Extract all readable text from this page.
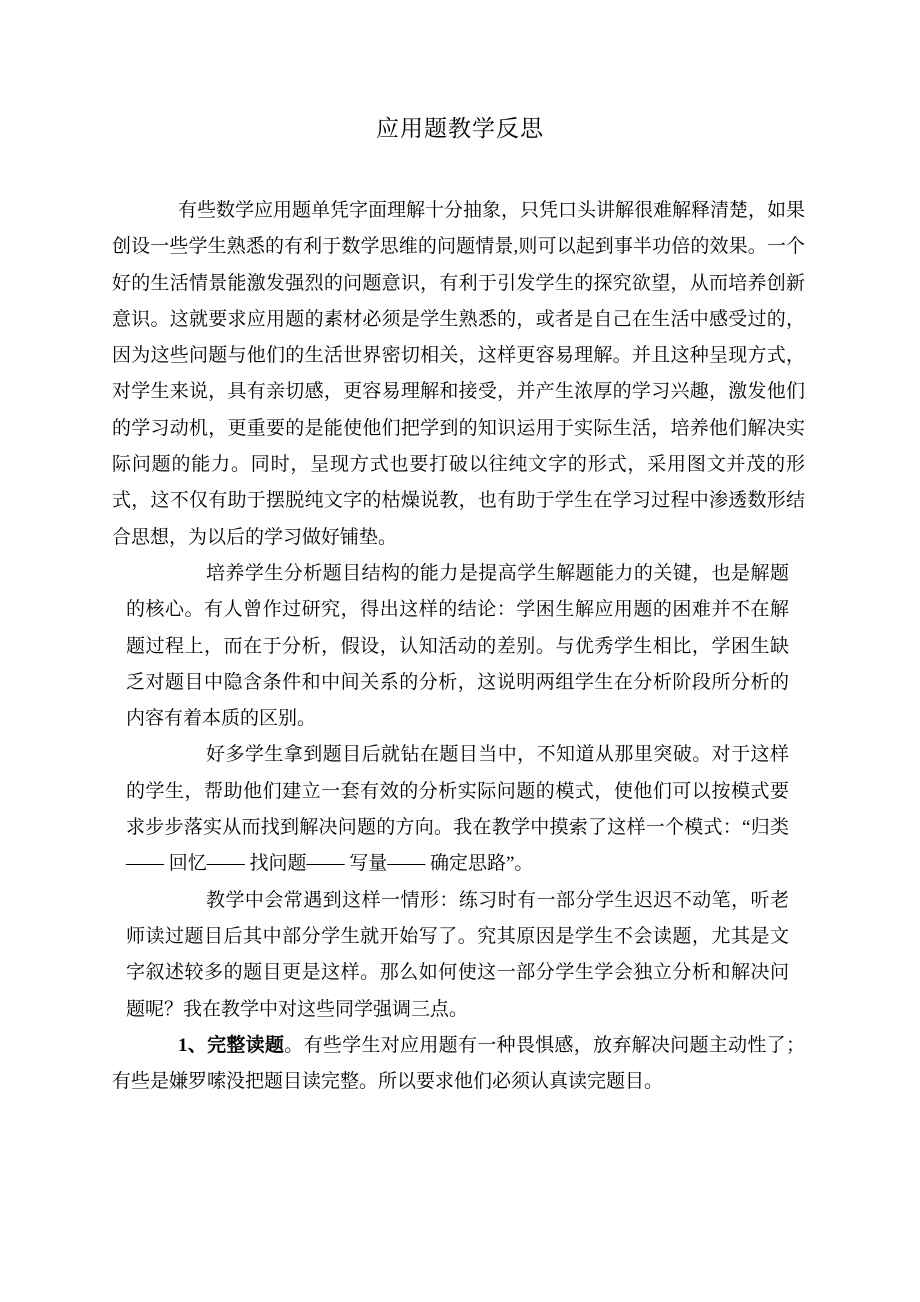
应用题教学反思

有些数学应用题单凭字面理解十分抽象，只凭口头讲解很难解释清楚，如果创设一些学生熟悉的有利于数学思维的问题情景,则可以起到事半功倍的效果。一个好的生活情景能激发强烈的问题意识，有利于引发学生的探究欲望，从而培养创新意识。这就要求应用题的素材必须是学生熟悉的，或者是自己在生活中感受过的，因为这些问题与他们的生活世界密切相关，这样更容易理解。并且这种呈现方式，对学生来说，具有亲切感，更容易理解和接受，并产生浓厚的学习兴趣，激发他们的学习动机，更重要的是能使他们把学到的知识运用于实际生活，培养他们解决实际问题的能力。同时，呈现方式也要打破以往纯文字的形式，采用图文并茂的形式，这不仅有助于摆脱纯文字的枯燥说教，也有助于学生在学习过程中渗透数形结合思想，为以后的学习做好铺垫。

培养学生分析题目结构的能力是提高学生解题能力的关键，也是解题的核心。有人曾作过研究，得出这样的结论：学困生解应用题的困难并不在解题过程上，而在于分析，假设，认知活动的差别。与优秀学生相比，学困生缺乏对题目中隐含条件和中间关系的分析，这说明两组学生在分析阶段所分析的内容有着本质的区别。

好多学生拿到题目后就钻在题目当中，不知道从那里突破。对于这样的学生，帮助他们建立一套有效的分析实际问题的模式，使他们可以按模式要求步步落实从而找到解决问题的方向。我在教学中摸索了这样一个模式：“归类—— 回忆—— 找问题—— 写量—— 确定思路”。

教学中会常遇到这样一情形：练习时有一部分学生迟迟不动笔，听老师读过题目后其中部分学生就开始写了。究其原因是学生不会读题，尤其是文字叙述较多的题目更是这样。那么如何使这一部分学生学会独立分析和解决问题呢？我在教学中对这些同学强调三点。

1、完整读题。有些学生对应用题有一种畏惧感，放弃解决问题主动性了；有些是嫌罗嗦没把题目读完整。所以要求他们必须认真读完题目。
